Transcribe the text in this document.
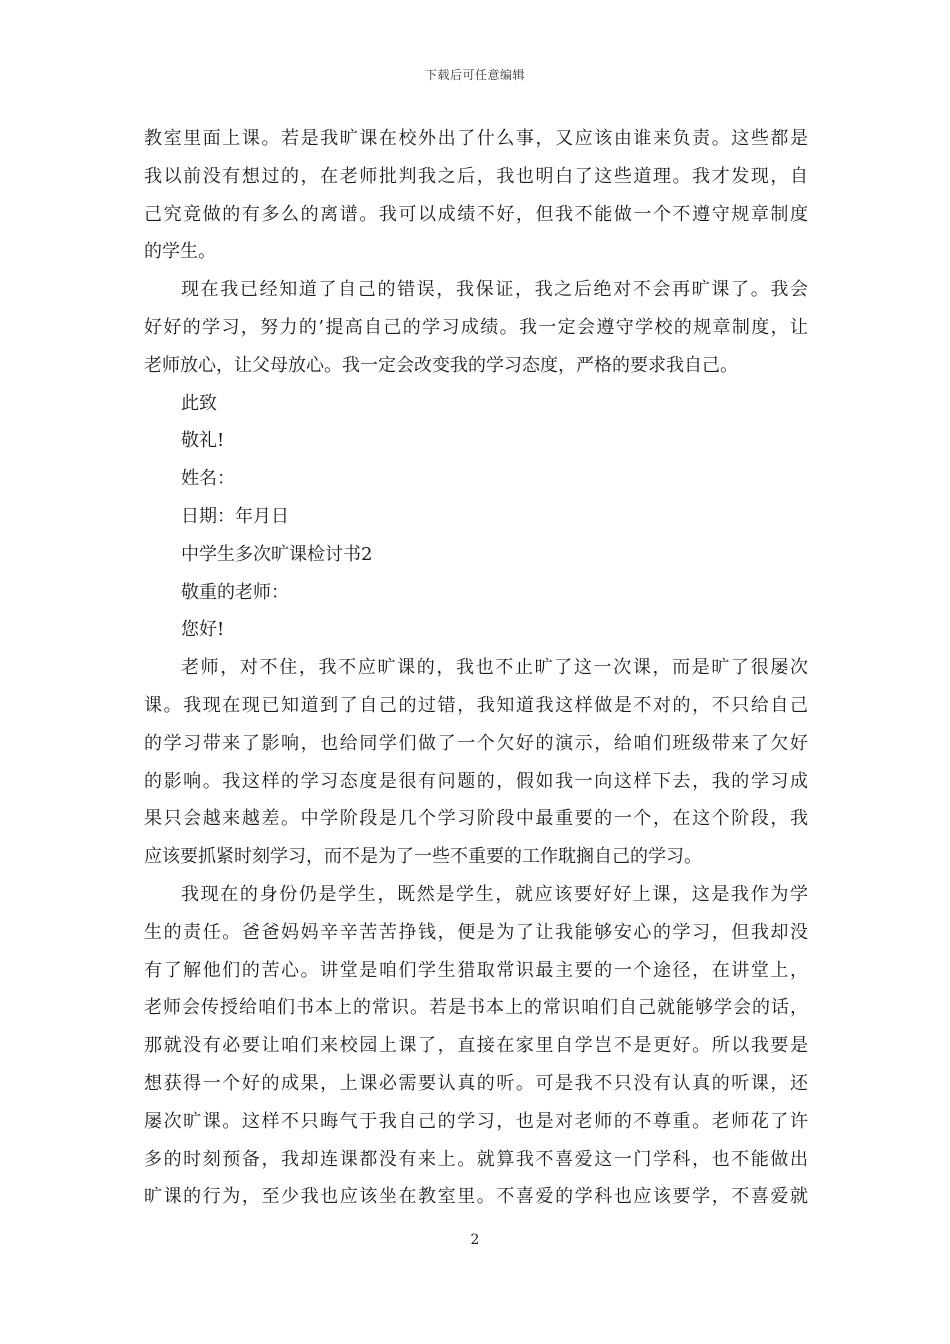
下载后可任意编辑
教室里面上课。若是我旷课在校外出了什么事，又应该由谁来负责。这些都是
我以前没有想过的，在老师批判我之后，我也明白了这些道理。我才发现，自
己究竟做的有多么的离谱。我可以成绩不好，但我不能做一个不遵守规章制度
的学生。
现在我已经知道了自己的错误，我保证，我之后绝对不会再旷课了。我会
好好的学习，努力的’提高自己的学习成绩。我一定会遵守学校的规章制度，让
老师放心，让父母放心。我一定会改变我的学习态度，严格的要求我自己。
此致
敬礼!
姓名：
日期：年月日
中学生多次旷课检讨书2
敬重的老师：
您好!
老师，对不住，我不应旷课的，我也不止旷了这一次课，而是旷了很屡次
课。我现在现已知道到了自己的过错，我知道我这样做是不对的，不只给自己
的学习带来了影响，也给同学们做了一个欠好的演示，给咱们班级带来了欠好
的影响。我这样的学习态度是很有问题的，假如我一向这样下去，我的学习成
果只会越来越差。中学阶段是几个学习阶段中最重要的一个，在这个阶段，我
应该要抓紧时刻学习，而不是为了一些不重要的工作耽搁自己的学习。
我现在的身份仍是学生，既然是学生，就应该要好好上课，这是我作为学
生的责任。爸爸妈妈辛辛苦苦挣钱，便是为了让我能够安心的学习，但我却没
有了解他们的苦心。讲堂是咱们学生猎取常识最主要的一个途径，在讲堂上，
老师会传授给咱们书本上的常识。若是书本上的常识咱们自己就能够学会的话，
那就没有必要让咱们来校园上课了，直接在家里自学岂不是更好。所以我要是
想获得一个好的成果，上课必需要认真的听。可是我不只没有认真的听课，还
屡次旷课。这样不只晦气于我自己的学习，也是对老师的不尊重。老师花了许
多的时刻预备，我却连课都没有来上。就算我不喜爱这一门学科，也不能做出
旷课的行为，至少我也应该坐在教室里。不喜爱的学科也应该要学，不喜爱就
2
